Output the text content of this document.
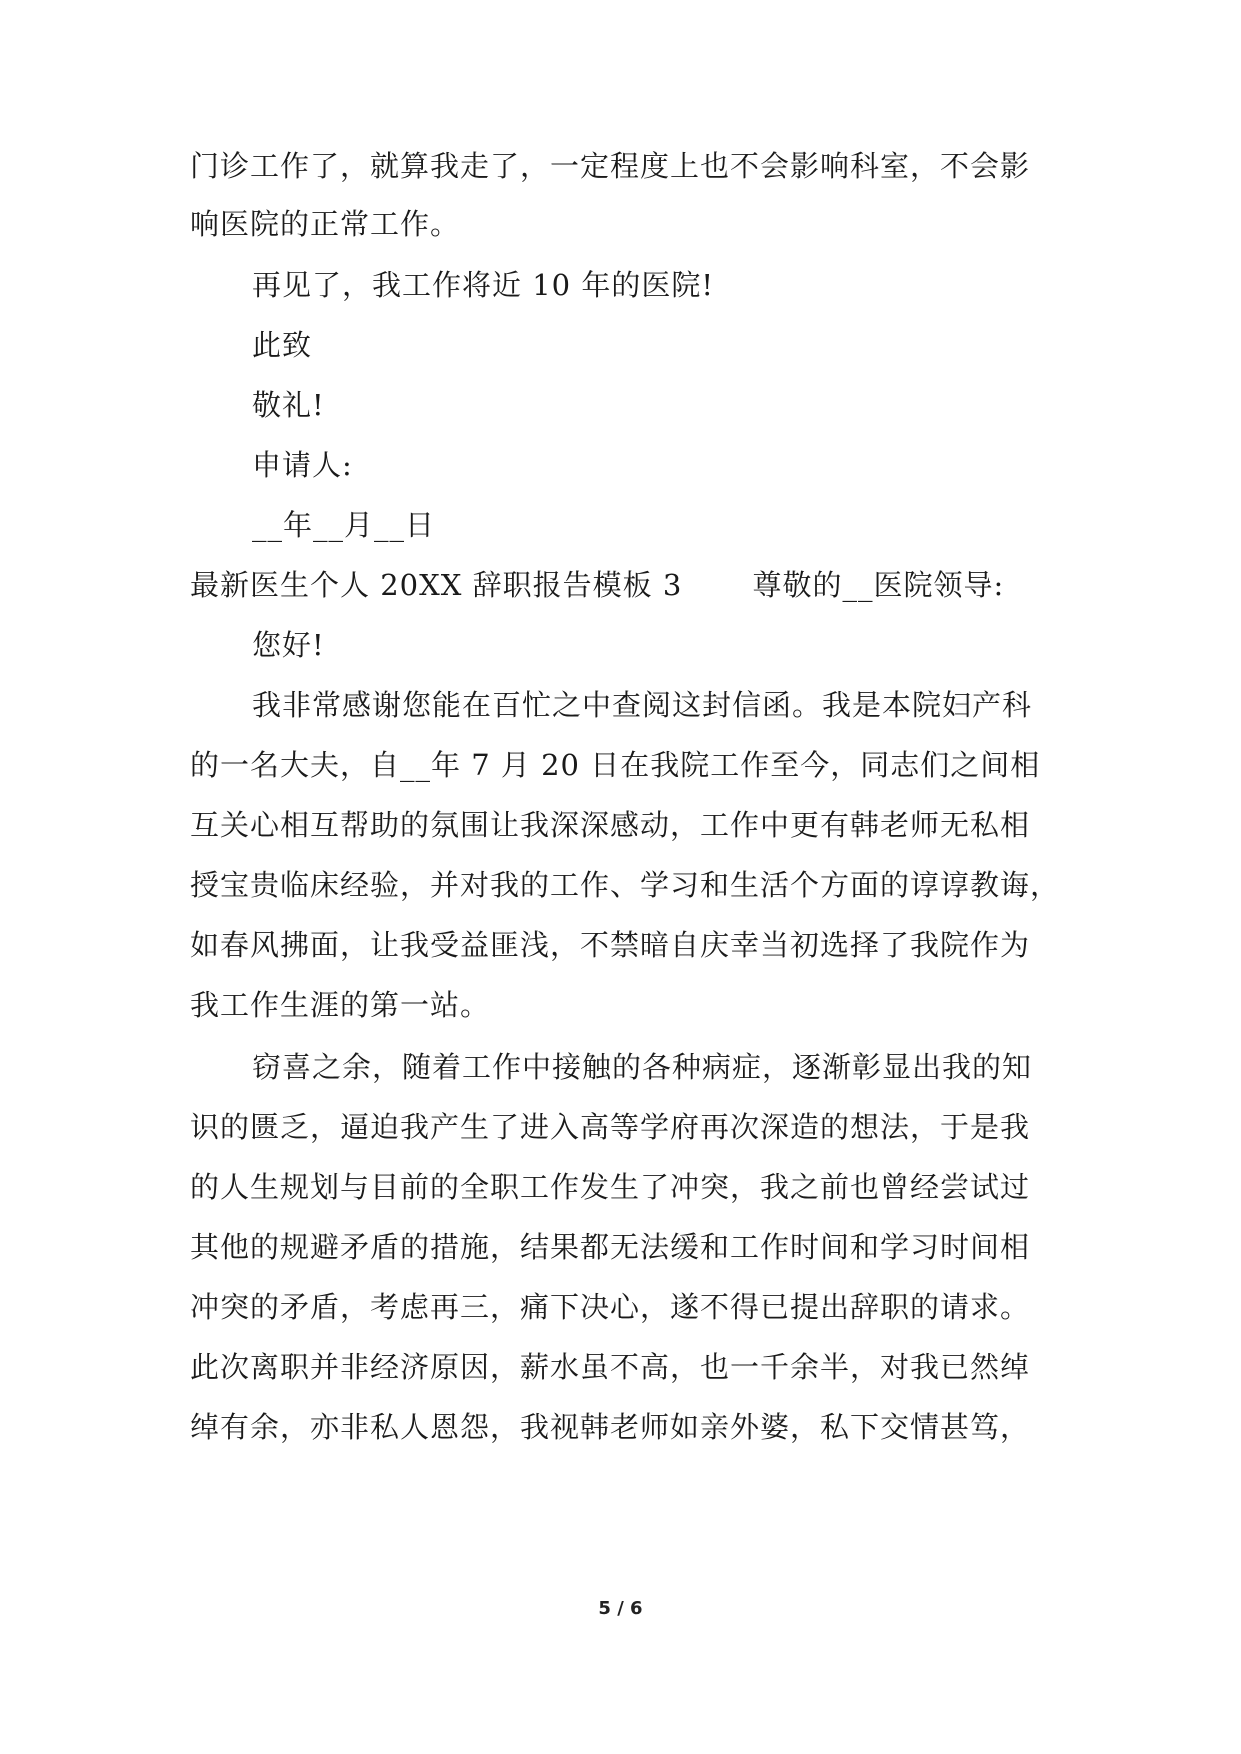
门诊工作了，就算我走了，一定程度上也不会影响科室，不会影
响医院的正常工作。
再见了，我工作将近 10 年的医院!
此致
敬礼!
申请人:
__年__月__日
最新医生个人 20XX 辞职报告模板 3　　 尊敬的__医院领导:
您好!
我非常感谢您能在百忙之中查阅这封信函。我是本院妇产科
的一名大夫，自__年 7 月 20 日在我院工作至今，同志们之间相
互关心相互帮助的氛围让我深深感动，工作中更有韩老师无私相
授宝贵临床经验，并对我的工作、学习和生活个方面的谆谆教诲，
如春风拂面，让我受益匪浅，不禁暗自庆幸当初选择了我院作为
我工作生涯的第一站。
窃喜之余，随着工作中接触的各种病症，逐渐彰显出我的知
识的匮乏，逼迫我产生了进入高等学府再次深造的想法，于是我
的人生规划与目前的全职工作发生了冲突，我之前也曾经尝试过
其他的规避矛盾的措施，结果都无法缓和工作时间和学习时间相
冲突的矛盾，考虑再三，痛下决心，遂不得已提出辞职的请求。
此次离职并非经济原因，薪水虽不高，也一千余半，对我已然绰
绰有余，亦非私人恩怨，我视韩老师如亲外婆，私下交情甚笃，
5 / 6
